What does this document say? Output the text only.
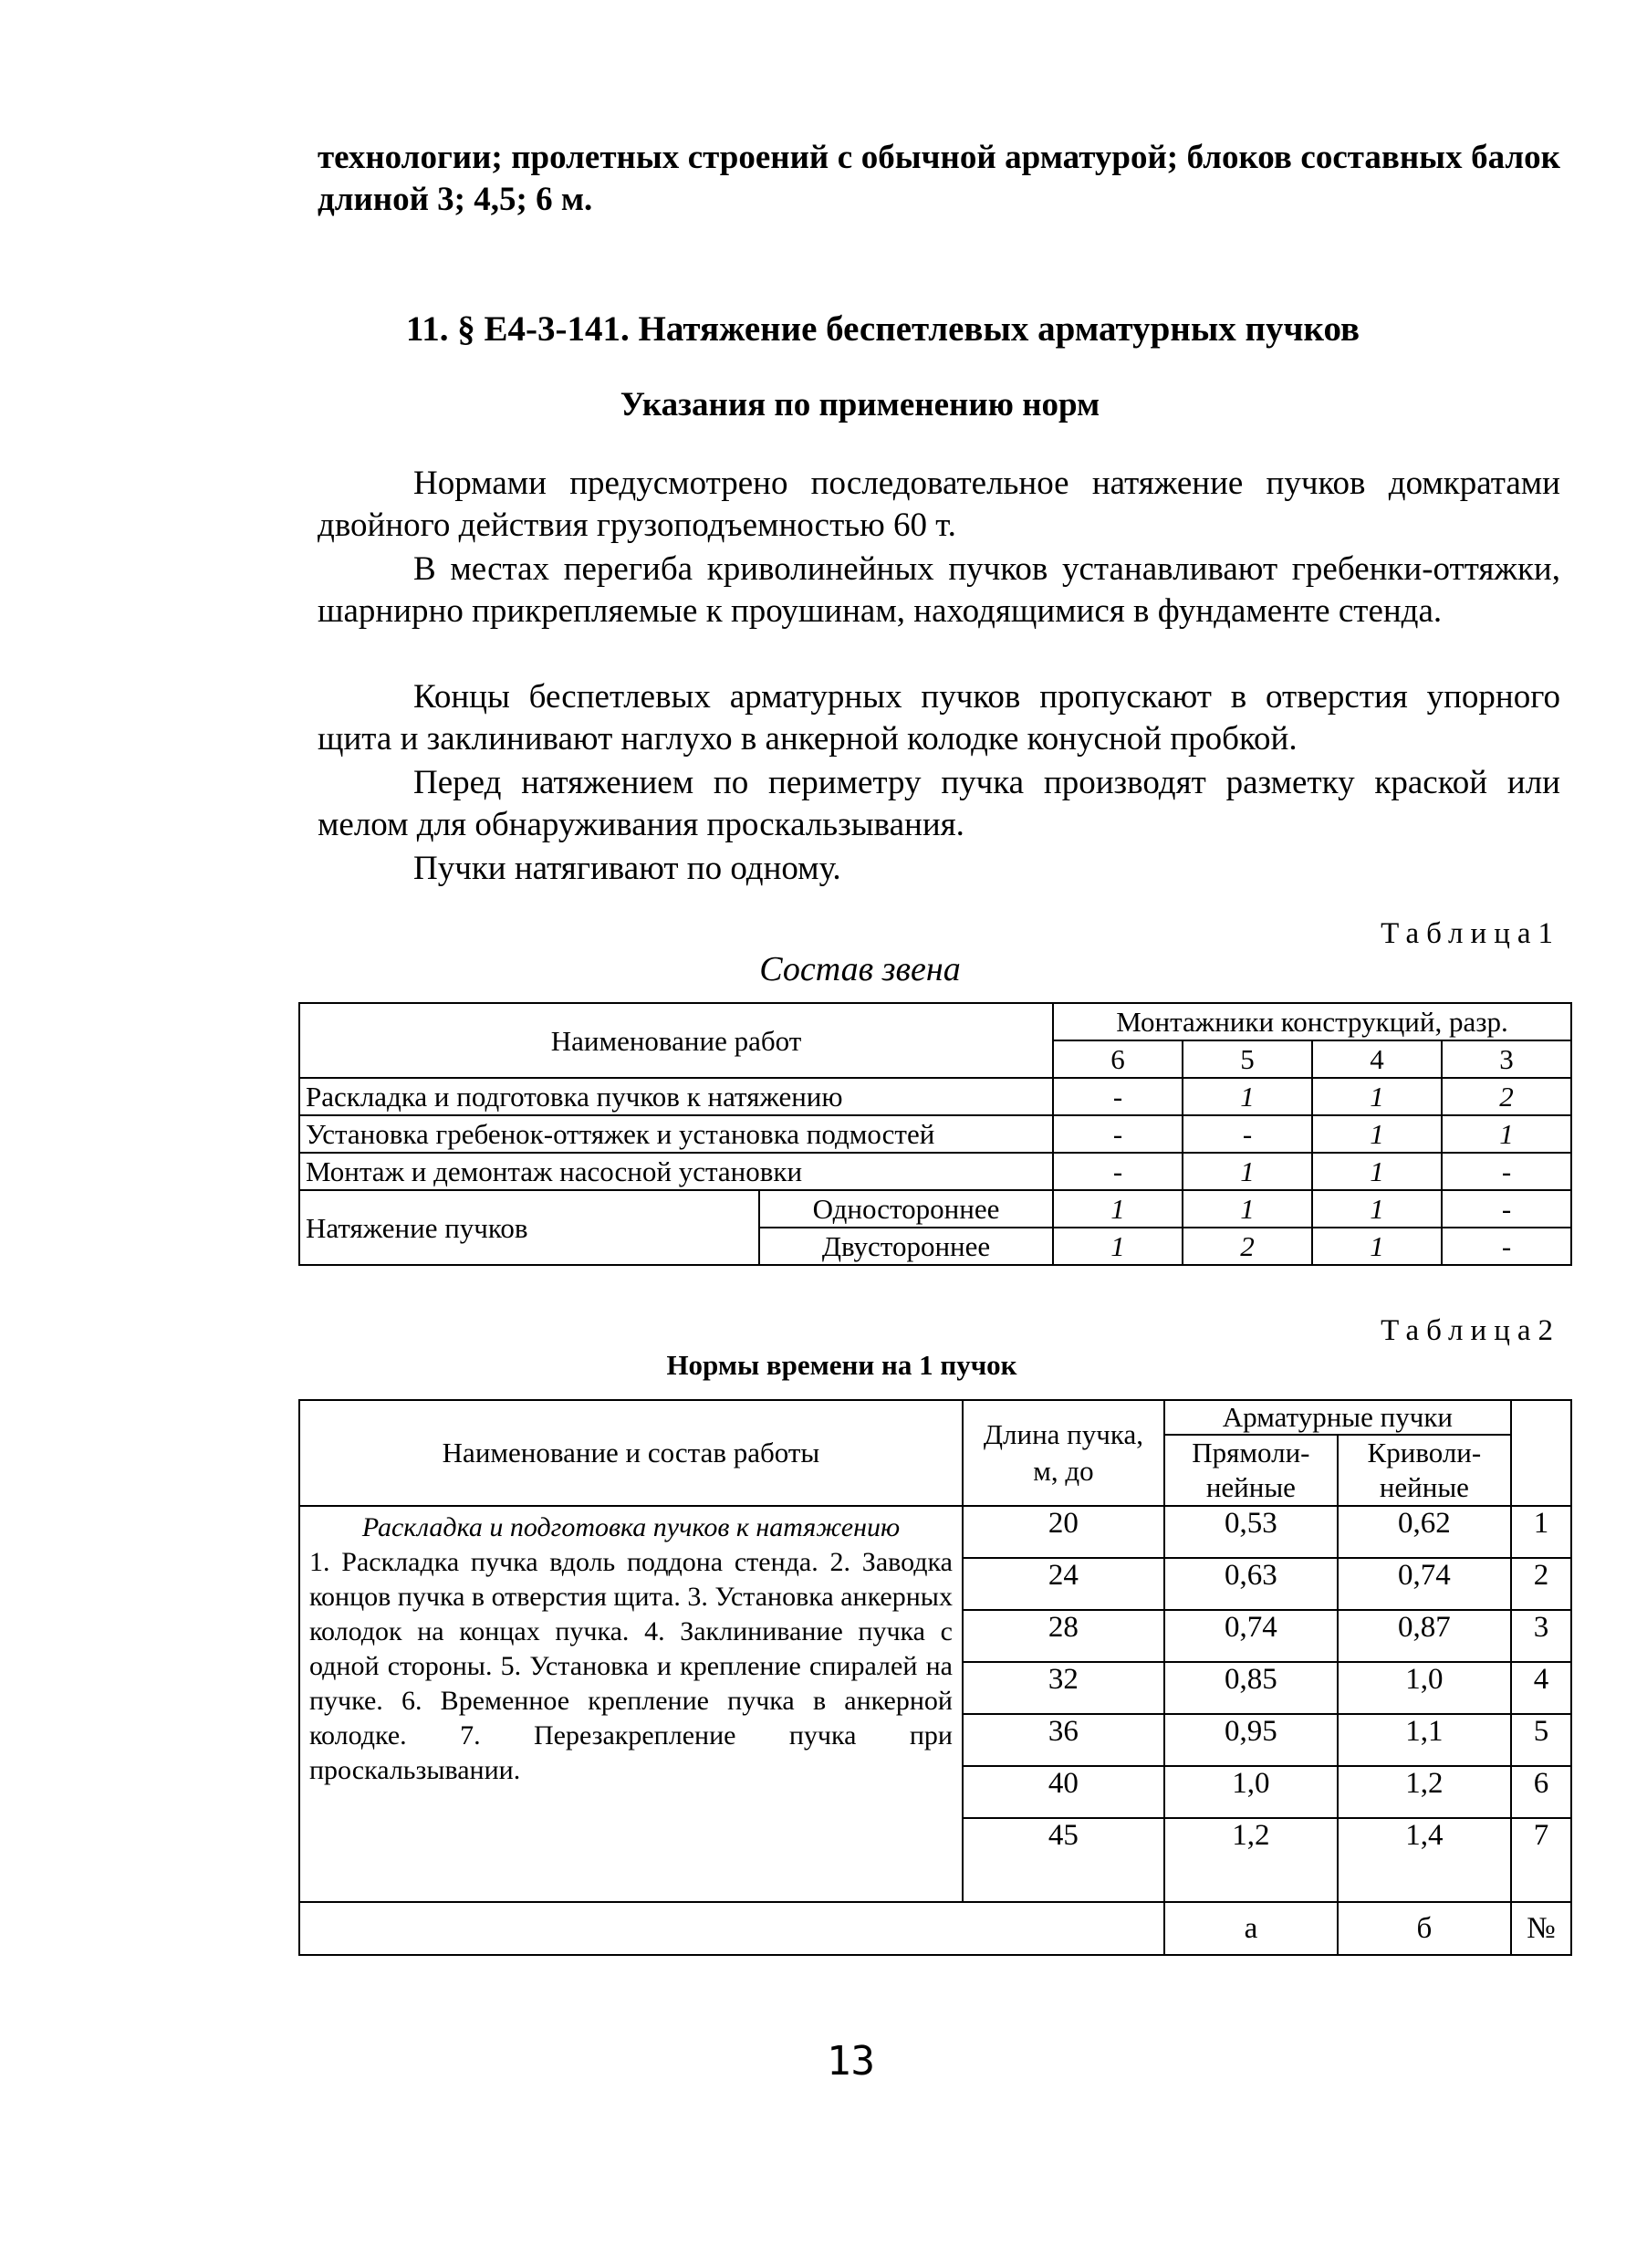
технологии; пролетных строений с обычной арматурой; блоков составных балок длиной 3; 4,5; 6 м.

11. § Е4-3-141. Натяжение беспетлевых арматурных пучков
Указания по применению норм

Нормами предусмотрено последовательное натяжение пучков домкратами двойного действия грузоподъемностью 60 т.

В местах перегиба криволинейных пучков устанавливают гребенки-оттяжки, шарнирно прикрепляемые к проушинам, находящимися в фундаменте стенда.

Концы беспетлевых арматурных пучков пропускают в отверстия упорного щита и заклинивают наглухо в анкерной колодке конусной пробкой.

Перед натяжением по периметру пучка производят разметку краской или мелом для обнаруживания проскальзывания.

Пучки натягивают по одному.

Таблица1

Состав звена

Наименование работ		Монтажники конструкций, разр.			
		6	5	4	3
Раскладка и подготовка пучков к натяжению		-	1	1	2
Установка гребенок-оттяжек и установка подмостей		-	-	1	1
Монтаж и демонтаж насосной установки		-	1	1	-
Натяжение пучков	Одностороннее	1	1	1	-
	Двустороннее	1	2	1	-

Таблица2

Нормы времени на 1 пучок

Наименование и состав работы	Длина пучка, м, до	Арматурные пучки		
		Прямоли-нейные	Криволи-нейные	

Раскладка и подготовка пучков к натяжению
1. Раскладка пучка вдоль поддона стенда. 2. Заводка концов пучка в отверстия щита. 3. Установка анкерных колодок на концах пучка. 4. Заклинивание пучка с одной стороны. 5. Установка и крепление спиралей на пучке. 6. Временное крепление пучка в анкерной колодке. 7. Перезакрепление пучка при проскальзывании.	20	0,53	0,62	1
	24	0,63	0,74	2
	28	0,74	0,87	3
	32	0,85	1,0	4
	36	0,95	1,1	5
	40	1,0	1,2	6
	45	1,2	1,4	7
		а	б	№
13
